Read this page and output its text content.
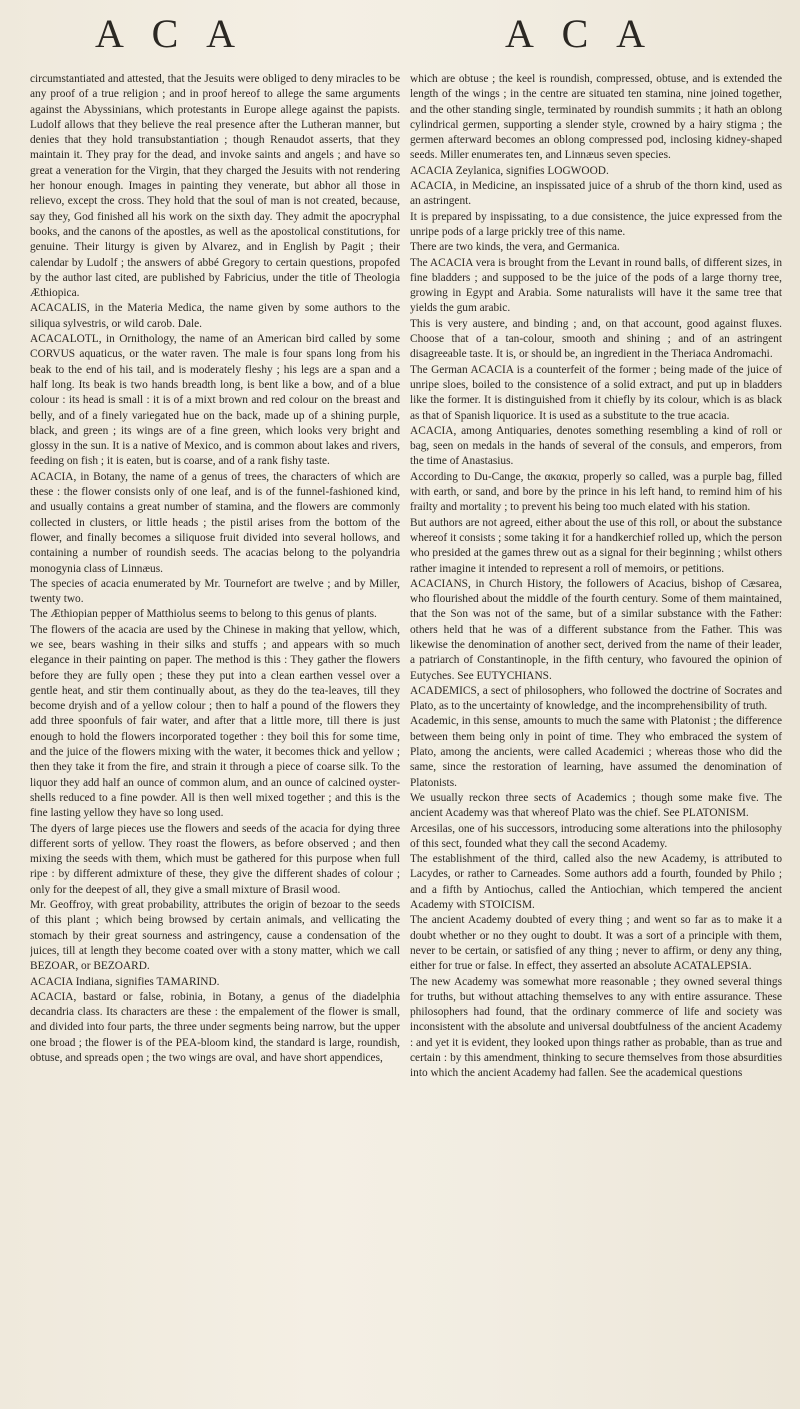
A C A	A C A

circumstantiated and attested, that the Jesuits were obliged to deny miracles to be any proof of a true religion ; and in proof hereof to allege the same arguments against the Abyssinians, which protestants in Europe allege against the papists. Ludolf allows that they believe the real presence after the Lutheran manner, but denies that they hold transubstantiation ; though Renaudot asserts, that they maintain it. They pray for the dead, and invoke saints and angels ; and have so great a veneration for the Virgin, that they charged the Jesuits with not rendering her honour enough. Images in painting they venerate, but abhor all those in relievo, except the cross. They hold that the soul of man is not created, because, say they, God finished all his work on the sixth day. They admit the apocryphal books, and the canons of the apostles, as well as the apostolical constitutions, for genuine. Their liturgy is given by Alvarez, and in English by Pagit ; their calendar by Ludolf ; the answers of abbé Gregory to certain questions, propofed by the author last cited, are published by Fabricius, under the title of Theologia Æthiopica.

ACACALIS, in the Materia Medica, the name given by some authors to the siliqua sylvestris, or wild carob. Dale.

ACACALOTL, in Ornithology, the name of an American bird called by some CORVUS aquaticus, or the water raven. The male is four spans long from his beak to the end of his tail, and is moderately fleshy ; his legs are a span and a half long. Its beak is two hands breadth long, is bent like a bow, and of a blue colour : its head is small : it is of a mixt brown and red colour on the breast and belly, and of a finely variegated hue on the back, made up of a shining purple, black, and green ; its wings are of a fine green, which looks very bright and glossy in the sun. It is a native of Mexico, and is common about lakes and rivers, feeding on fish ; it is eaten, but is coarse, and of a rank fishy taste.

ACACIA, in Botany, the name of a genus of trees, the characters of which are these : the flower consists only of one leaf, and is of the funnel-fashioned kind, and usually contains a great number of stamina, and the flowers are commonly collected in clusters, or little heads ; the pistil arises from the bottom of the flower, and finally becomes a siliquose fruit divided into several hollows, and containing a number of roundish seeds. The acacias belong to the polyandria monogynia class of Linnæus.

The species of acacia enumerated by Mr. Tournefort are twelve ; and by Miller, twenty two.

The Æthiopian pepper of Matthiolus seems to belong to this genus of plants.

The flowers of the acacia are used by the Chinese in making that yellow, which, we see, bears washing in their silks and stuffs ; and appears with so much elegance in their painting on paper. The method is this : They gather the flowers before they are fully open ; these they put into a clean earthen vessel over a gentle heat, and stir them continually about, as they do the tea-leaves, till they become dryish and of a yellow colour ; then to half a pound of the flowers they add three spoonfuls of fair water, and after that a little more, till there is just enough to hold the flowers incorporated together : they boil this for some time, and the juice of the flowers mixing with the water, it becomes thick and yellow ; then they take it from the fire, and strain it through a piece of coarse silk. To the liquor they add half an ounce of common alum, and an ounce of calcined oyster-shells reduced to a fine powder. All is then well mixed together ; and this is the fine lasting yellow they have so long used.

The dyers of large pieces use the flowers and seeds of the acacia for dying three different sorts of yellow. They roast the flowers, as before observed ; and then mixing the seeds with them, which must be gathered for this purpose when full ripe : by different admixture of these, they give the different shades of colour ; only for the deepest of all, they give a small mixture of Brasil wood.

Mr. Geoffroy, with great probability, attributes the origin of bezoar to the seeds of this plant ; which being browsed by certain animals, and vellicating the stomach by their great sourness and astringency, cause a condensation of the juices, till at length they become coated over with a stony matter, which we call BEZOAR, or BEZOARD.

ACACIA Indiana, signifies TAMARIND.

ACACIA, bastard or false, robinia, in Botany, a genus of the diadelphia decandria class. Its characters are these : the empalement of the flower is small, and divided into four parts, the three under segments being narrow, but the upper one broad ; the flower is of the PEA-bloom kind, the standard is large, roundish, obtuse, and spreads open ; the two wings are oval, and have short appendices,

which are obtuse ; the keel is roundish, compressed, obtuse, and is extended the length of the wings ; in the centre are situated ten stamina, nine joined together, and the other standing single, terminated by roundish summits ; it hath an oblong cylindrical germen, supporting a slender style, crowned by a hairy stigma ; the germen afterward becomes an oblong compressed pod, inclosing kidney-shaped seeds. Miller enumerates ten, and Linnæus seven species.

ACACIA Zeylanica, signifies LOGWOOD.

ACACIA, in Medicine, an inspissated juice of a shrub of the thorn kind, used as an astringent.

It is prepared by inspissating, to a due consistence, the juice expressed from the unripe pods of a large prickly tree of this name.

There are two kinds, the vera, and Germanica.

The ACACIA vera is brought from the Levant in round balls, of different sizes, in fine bladders ; and supposed to be the juice of the pods of a large thorny tree, growing in Egypt and Arabia. Some naturalists will have it the same tree that yields the gum arabic.

This is very austere, and binding ; and, on that account, good against fluxes. Choose that of a tan-colour, smooth and shining ; and of an astringent disagreeable taste. It is, or should be, an ingredient in the Theriaca Andromachi.

The German ACACIA is a counterfeit of the former ; being made of the juice of unripe sloes, boiled to the consistence of a solid extract, and put up in bladders like the former. It is distinguished from it chiefly by its colour, which is as black as that of Spanish liquorice. It is used as a substitute to the true acacia.

ACACIA, among Antiquaries, denotes something resembling a kind of roll or bag, seen on medals in the hands of several of the consuls, and emperors, from the time of Anastasius.

According to Du-Cange, the ακακια, properly so called, was a purple bag, filled with earth, or sand, and bore by the prince in his left hand, to remind him of his frailty and mortality ; to prevent his being too much elated with his station.

But authors are not agreed, either about the use of this roll, or about the substance whereof it consists ; some taking it for a handkerchief rolled up, which the person who presided at the games threw out as a signal for their beginning ; whilst others rather imagine it intended to represent a roll of memoirs, or petitions.

ACACIANS, in Church History, the followers of Acacius, bishop of Cæsarea, who flourished about the middle of the fourth century. Some of them maintained, that the Son was not of the same, but of a similar substance with the Father: others held that he was of a different substance from the Father. This was likewise the denomination of another sect, derived from the name of their leader, a patriarch of Constantinople, in the fifth century, who favoured the opinion of Eutyches. See EUTYCHIANS.

ACADEMICS, a sect of philosophers, who followed the doctrine of Socrates and Plato, as to the uncertainty of knowledge, and the incomprehensibility of truth.

Academic, in this sense, amounts to much the same with Platonist ; the difference between them being only in point of time. They who embraced the system of Plato, among the ancients, were called Academici ; whereas those who did the same, since the restoration of learning, have assumed the denomination of Platonists.

We usually reckon three sects of Academics ; though some make five. The ancient Academy was that whereof Plato was the chief. See PLATONISM.

Arcesilas, one of his successors, introducing some alterations into the philosophy of this sect, founded what they call the second Academy.

The establishment of the third, called also the new Academy, is attributed to Lacydes, or rather to Carneades. Some authors add a fourth, founded by Philo ; and a fifth by Antiochus, called the Antiochian, which tempered the ancient Academy with STOICISM.

The ancient Academy doubted of every thing ; and went so far as to make it a doubt whether or no they ought to doubt. It was a sort of a principle with them, never to be certain, or satisfied of any thing ; never to affirm, or deny any thing, either for true or false. In effect, they asserted an absolute ACATALEPSIA.

The new Academy was somewhat more reasonable ; they owned several things for truths, but without attaching themselves to any with entire assurance. These philosophers had found, that the ordinary commerce of life and society was inconsistent with the absolute and universal doubtfulness of the ancient Academy : and yet it is evident, they looked upon things rather as probable, than as true and certain : by this amendment, thinking to secure themselves from those absurdities into which the ancient Academy had fallen. See the academical questions
